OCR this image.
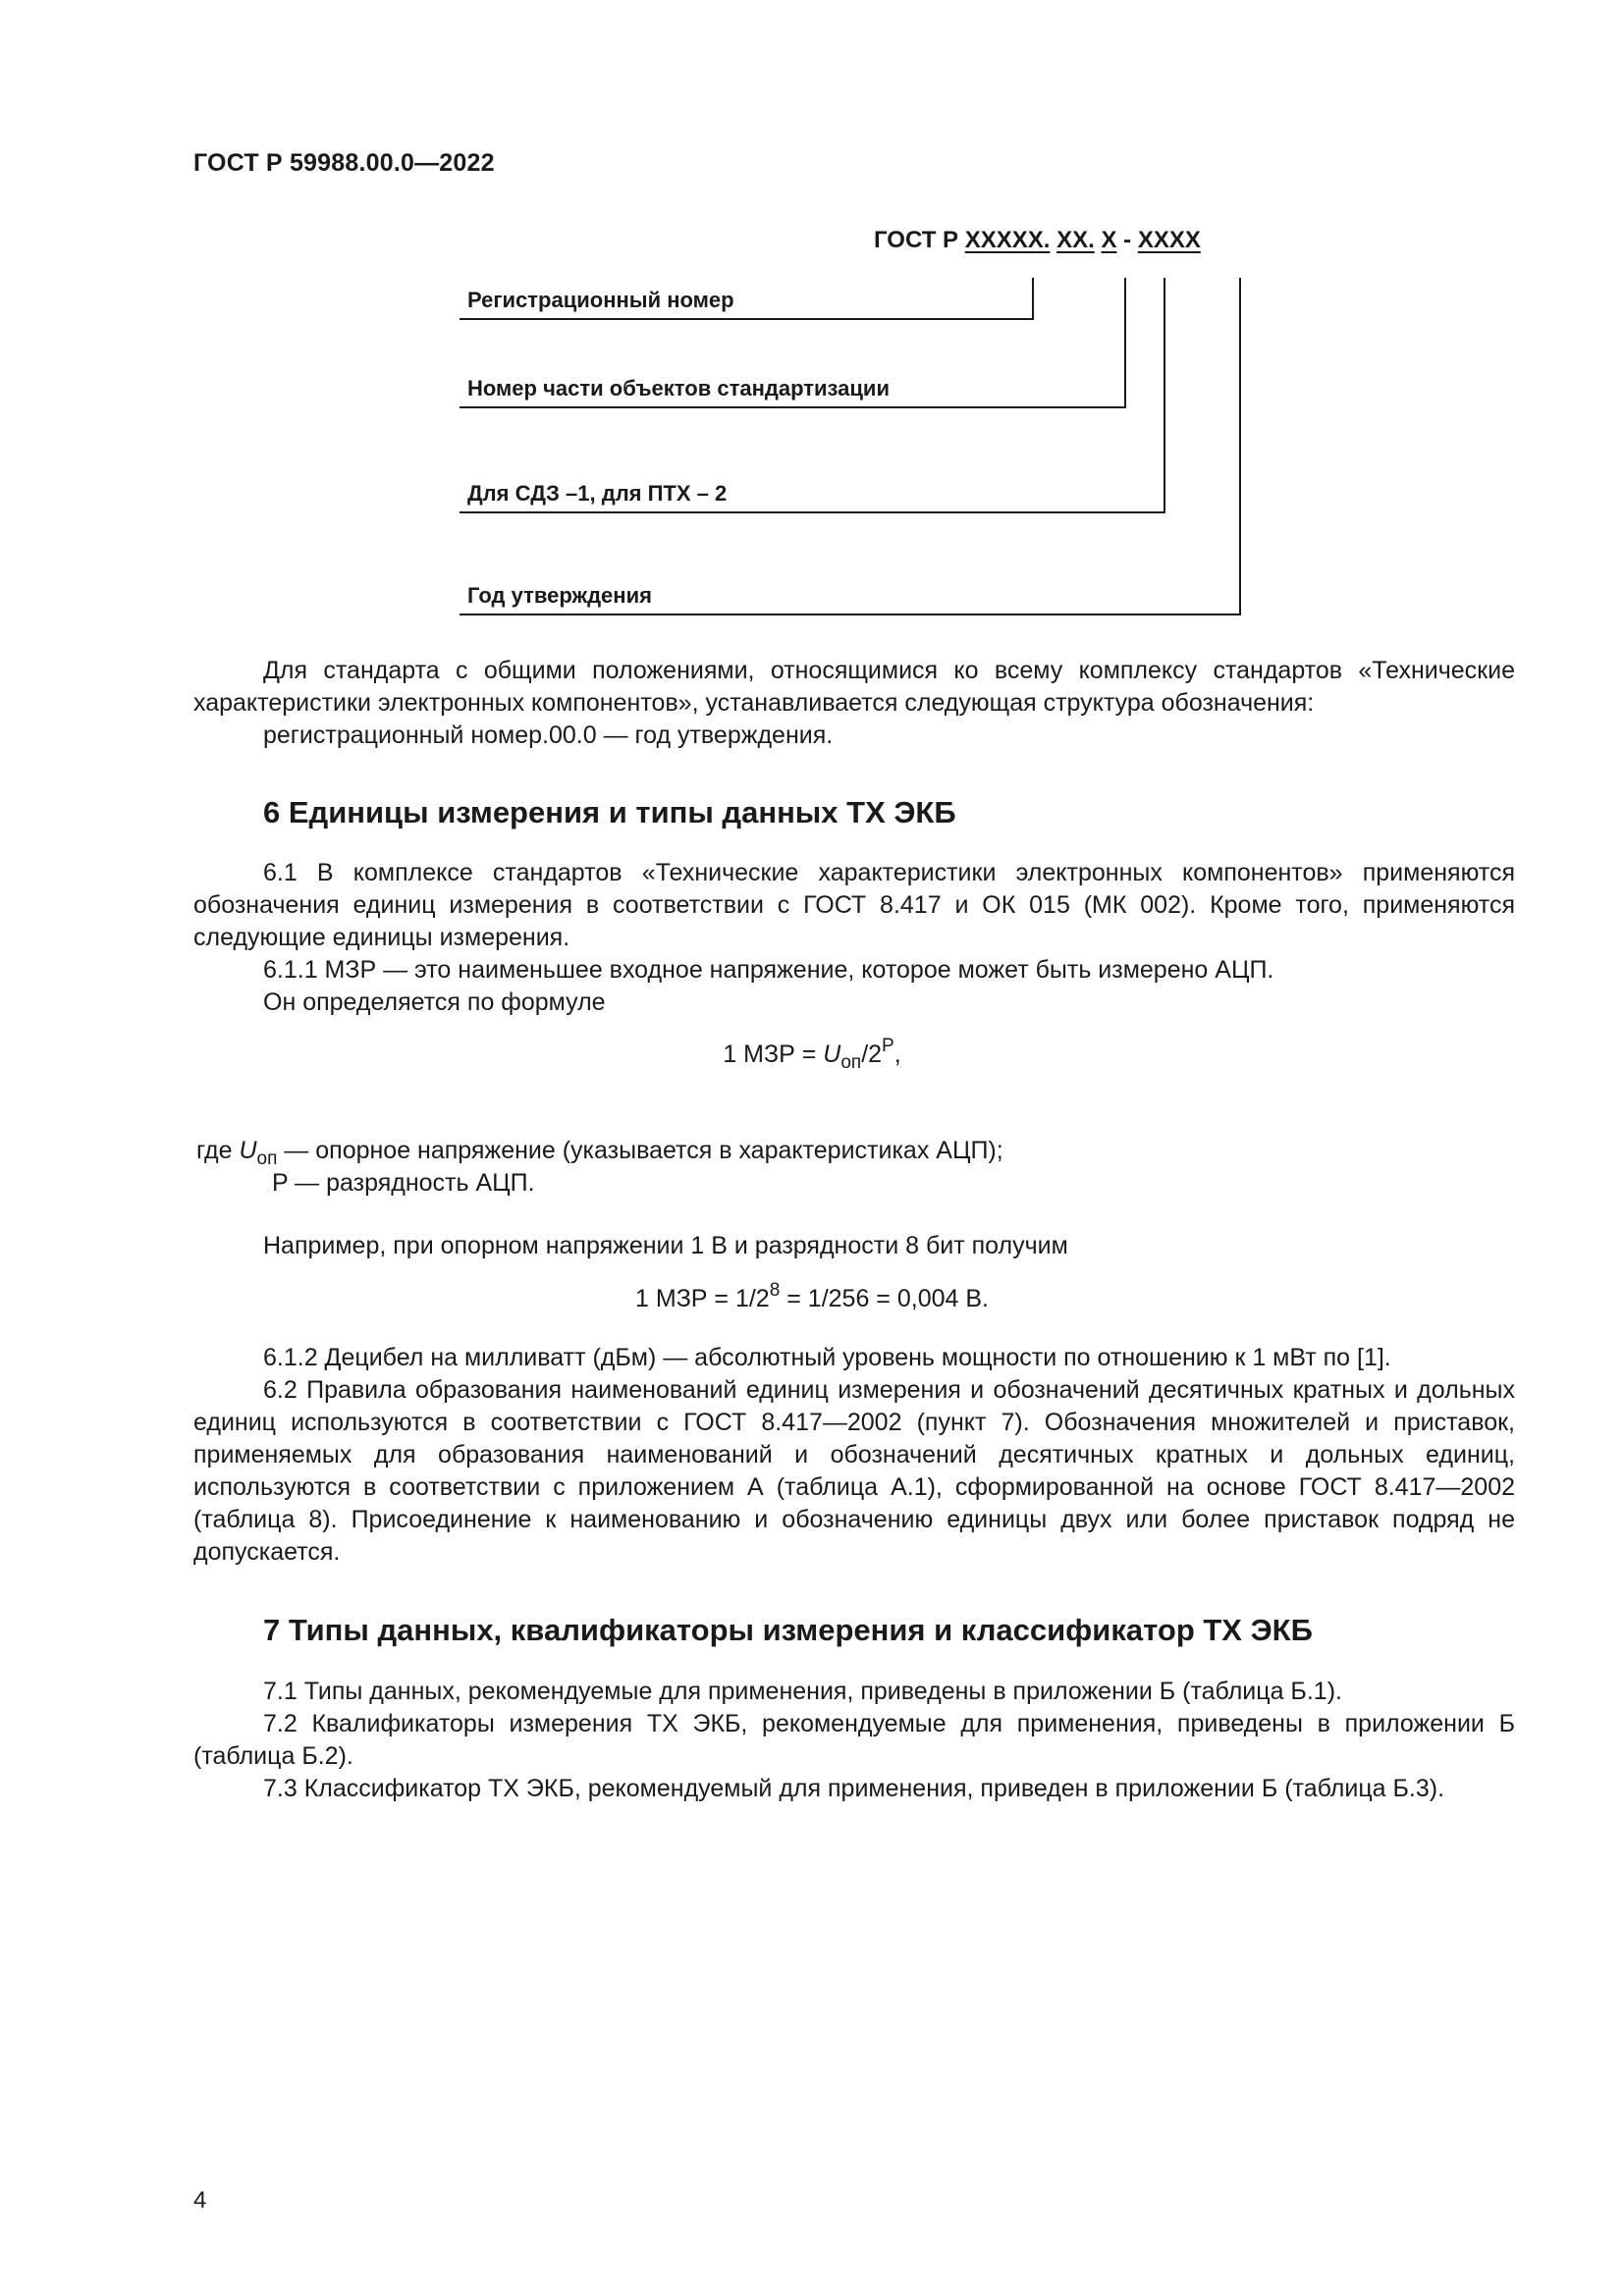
ГОСТ Р 59988.00.0—2022
ГОСТ Р XXXXX. XX. X - XXXX
Регистрационный номер
Номер части объектов стандартизации
Для СДЗ –1, для ПТХ – 2
Год утверждения
Для стандарта с общими положениями, относящимися ко всему комплексу стандартов «Технические характеристики электронных компонентов», устанавливается следующая структура обозначения:
регистрационный номер.00.0 — год утверждения.
6 Единицы измерения и типы данных ТХ ЭКБ
6.1 В комплексе стандартов «Технические характеристики электронных компонентов» применяются обозначения единиц измерения в соответствии с ГОСТ 8.417 и ОК 015 (МК 002). Кроме того, применяются следующие единицы измерения.
6.1.1 МЗР — это наименьшее входное напряжение, которое может быть измерено АЦП.
Он определяется по формуле
1 МЗР = $U_{оп}/2^P$,
где $U_{оп}$ — опорное напряжение (указывается в характеристиках АЦП);
P — разрядность АЦП.
Например, при опорном напряжении 1 В и разрядности 8 бит получим
1 МЗР = $1/2^8 = 1/256 = 0,004$ В.
6.1.2 Децибел на милливатт (дБм) — абсолютный уровень мощности по отношению к 1 мВт по [1].
6.2 Правила образования наименований единиц измерения и обозначений десятичных кратных и дольных единиц используются в соответствии с ГОСТ 8.417—2002 (пункт 7). Обозначения множителей и приставок, применяемых для образования наименований и обозначений десятичных кратных и дольных единиц, используются в соответствии с приложением А (таблица А.1), сформированной на основе ГОСТ 8.417—2002 (таблица 8). Присоединение к наименованию и обозначению единицы двух или более приставок подряд не допускается.
7 Типы данных, квалификаторы измерения и классификатор ТХ ЭКБ
7.1 Типы данных, рекомендуемые для применения, приведены в приложении Б (таблица Б.1).
7.2 Квалификаторы измерения ТХ ЭКБ, рекомендуемые для применения, приведены в приложении Б (таблица Б.2).
7.3 Классификатор ТХ ЭКБ, рекомендуемый для применения, приведен в приложении Б (таблица Б.3).
4
